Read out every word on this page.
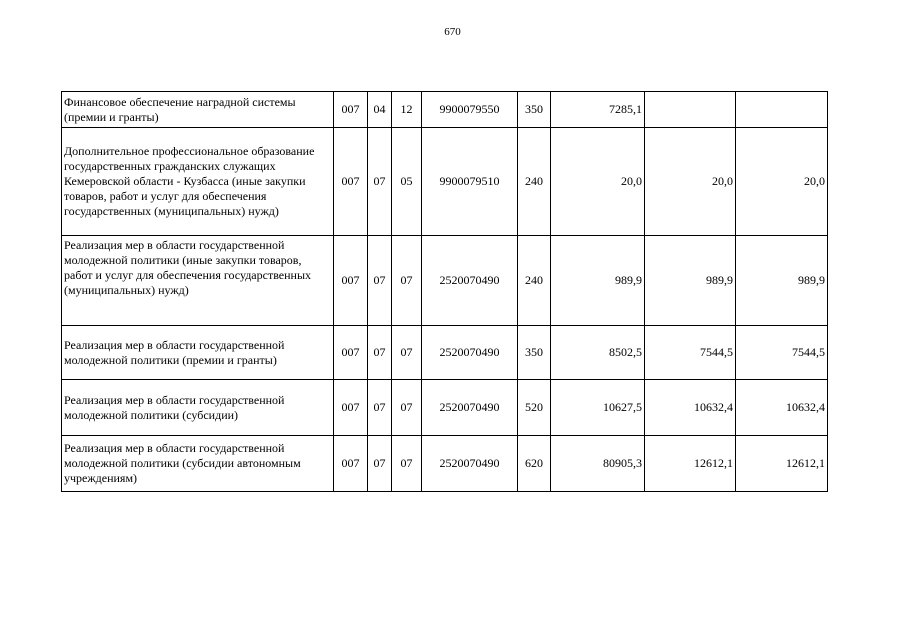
670
Финансовое обеспечение наградной системы (премии и гранты)	007	04	12	9900079550	350	7285,1		

Дополнительное профессиональное образование государственных гражданских служащих Кемеровской области - Кузбасса (иные закупки товаров, работ и услуг для обеспечения государственных (муниципальных) нужд)	007	07	05	9900079510	240	20,0	20,0	20,0

Реализация мер в области государственной молодежной политики (иные закупки товаров, работ и услуг для обеспечения государственных (муниципальных) нужд)	007	07	07	2520070490	240	989,9	989,9	989,9

Реализация мер в области государственной молодежной политики (премии и гранты)	007	07	07	2520070490	350	8502,5	7544,5	7544,5

Реализация мер в области государственной молодежной политики (субсидии)	007	07	07	2520070490	520	10627,5	10632,4	10632,4

Реализация мер в области государственной молодежной политики (субсидии автономным учреждениям)	007	07	07	2520070490	620	80905,3	12612,1	12612,1
